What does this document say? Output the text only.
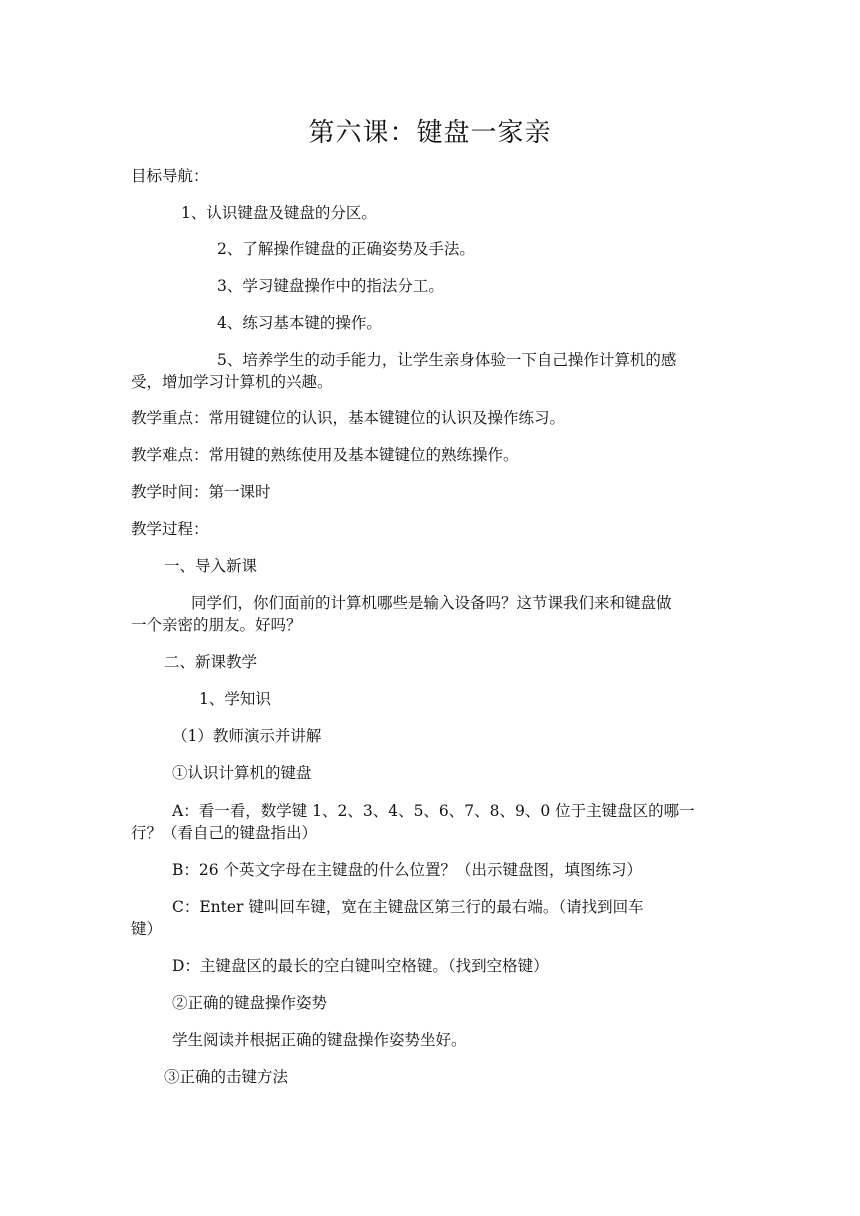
第六课：键盘一家亲
目标导航：
1、认识键盘及键盘的分区。
2、了解操作键盘的正确姿势及手法。
3、学习键盘操作中的指法分工。
4、练习基本键的操作。
5、培养学生的动手能力，让学生亲身体验一下自己操作计算机的感
受，增加学习计算机的兴趣。
教学重点：常用键键位的认识，基本键键位的认识及操作练习。
教学难点：常用键的熟练使用及基本键键位的熟练操作。
教学时间：第一课时
教学过程：
一、导入新课
同学们，你们面前的计算机哪些是输入设备吗？这节课我们来和键盘做
一个亲密的朋友。好吗？
二、新课教学
1、学知识
（1）教师演示并讲解
①认识计算机的键盘
A：看一看，数学键 1、2、3、4、5、6、7、8、9、0 位于主键盘区的哪一
行？（看自己的键盘指出）
B：26 个英文字母在主键盘的什么位置？（出示键盘图，填图练习）
C：Enter 键叫回车键，宽在主键盘区第三行的最右端。（请找到回车
键）
D：主键盘区的最长的空白键叫空格键。（找到空格键）
②正确的键盘操作姿势
学生阅读并根据正确的键盘操作姿势坐好。
③正确的击键方法
